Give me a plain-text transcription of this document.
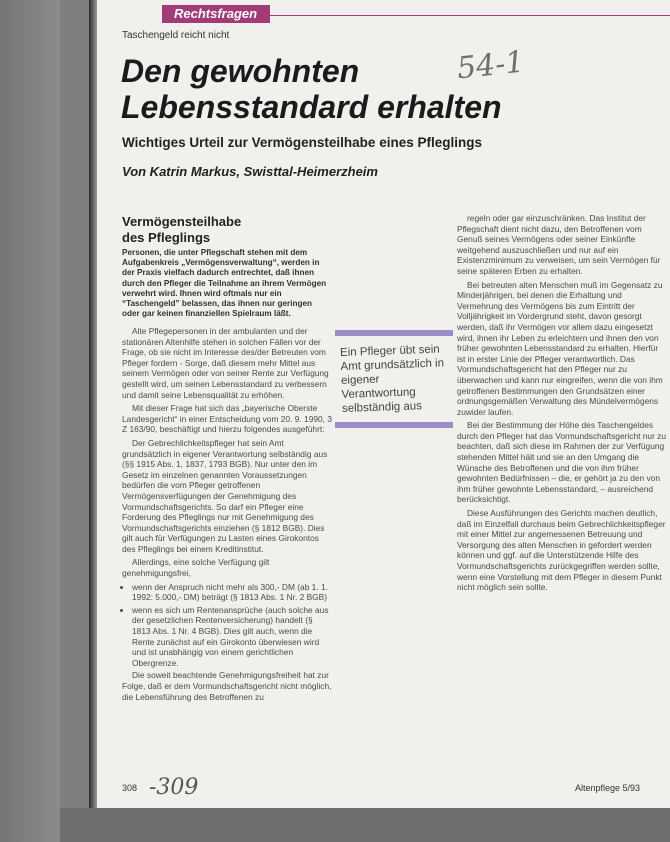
Rechtsfragen
Taschengeld reicht nicht
Den gewohnten
Lebensstandard erhalten
54-1
Wichtiges Urteil zur Vermögensteilhabe eines Pfleglings
Von Katrin Markus, Swisttal-Heimerzheim
Vermögensteilhabe
des Pfleglings
Personen, die unter Pflegschaft stehen mit dem Aufgabenkreis „Vermögensverwaltung“, werden in der Praxis vielfach dadurch entrechtet, daß ihnen durch den Pfleger die Teilnahme an ihrem Vermögen verwehrt wird. Ihnen wird oftmals nur ein “Taschengeld” belassen, das ihnen nur geringen oder gar keinen finanziellen Spielraum läßt.

Alte Pflegepersonen in der ambulanten und der stationären Altenhilfe stehen in solchen Fällen vor der Frage, ob sie nicht im Interesse des/der Betreuten vom Pfleger fordern - Sorge, daß diesem mehr Mittel aus seinem Vermögen oder von seiner Rente zur Verfügung gestellt wird, um seinen Lebensstandard zu verbessern und damit seine Lebensqualität zu erhöhen.

Mit dieser Frage hat sich das „bayerische Oberste Landesgericht“ in einer Entscheidung vom 20. 9. 1990, 3 Z 163/90, beschäftigt und hierzu folgendes ausgeführt:

Der Gebrechlichkeitspfleger hat sein Amt grundsätzlich in eigener Verantwortung selbständig aus (§§ 1915 Abs. 1, 1837, 1793 BGB). Nur unter den im Gesetz im einzelnen genannten Voraussetzungen bedürfen die vom Pfleger getroffenen Vermögensverfügungen der Genehmigung des Vormundschaftsgerichts. So darf ein Pfleger eine Forderung des Pfleglings nur mit Genehmigung des Vormundschaftsgerichts einziehen (§ 1812 BGB). Dies gilt auch für Verfügungen zu Lasten eines Girokontos des Pfleglings bei einem Kreditinstitut.

Allerdings, eine solche Verfügung gilt genehmigungsfrei,

• wenn der Anspruch nicht mehr als 300,- DM (ab 1. 1. 1992: 5.000,- DM) beträgt (§ 1813 Abs. 1 Nr. 2 BGB)
• wenn es sich um Rentenansprüche (auch solche aus der gesetzlichen Rentenversicherung) handelt (§ 1813 Abs. 1 Nr. 4 BGB). Dies gilt auch, wenn die Rente zunächst auf ein Girokonto überwiesen wird und ist unabhängig von einem gerichtlichen Obergrenze.

Die soweit beachtende Genehmigungsfreiheit hat zur Folge, daß er dem Vormundschaftsgericht nicht möglich, die Lebensführung des Betroffenen zu

Ein Pfleger übt sein Amt grundsätzlich in eigener Verantwortung selbständig aus

regeln oder gar einzuschränken. Das Institut der Pflegschaft dient nicht dazu, den Betroffenen vom Genuß seines Vermögens oder seiner Einkünfte weitgehend auszuschließen und nur auf ein Existenzminimum zu verweisen, um sein Vermögen für seine späteren Erben zu erhalten.

Bei betreuten alten Menschen muß im Gegensatz zu Minderjährigen, bei denen die Erhaltung und Vermehrung des Vermögens bis zum Eintritt der Volljährigkeit im Vordergrund steht, davon gesorgt werden, daß ihr Vermögen vor allem dazu eingesetzt wird, ihnen ihr Leben zu erleichtern und ihnen den von früher gewohnten Lebensstandard zu erhalten. Hierfür ist in erster Linie der Pfleger verantwortlich. Das Vormundschaftsgericht hat den Pfleger nur zu überwachen und kann nur eingreifen, wenn die von ihm getroffenen Bestimmungen den Grundsätzen einer ordnungsgemäßen Verwaltung des Mündelvermögens zuwider laufen.

Bei der Bestimmung der Höhe des Taschengeldes durch den Pfleger hat das Vormundschaftsgericht nur zu beachten, daß sich diese im Rahmen der zur Verfügung stehenden Mittel hält und sie an den Umgang die Wünsche des Betroffenen und die von ihm früher gewohnten Bedürfnissen – die, er gehört ja zu den von ihm früher gewohnte Lebensstandard, – ausreichend berücksichtigt.

Diese Ausführungen des Gerichts machen deutlich, daß im Einzelfall durchaus beim Gebrechlichkeitspfleger mit einer Mittel zur angemessenen Betreuung und Versorgung des alten Menschen in gefordert werden können und ggf. auf die Unterstützende Hilfe des Vormundschaftsgerichts zurückgegriffen werden sollte, wenn eine Vorstellung mit dem Pfleger in diesem Punkt nicht möglich sein sollte.

308 -309	Altenpflege 5/93
